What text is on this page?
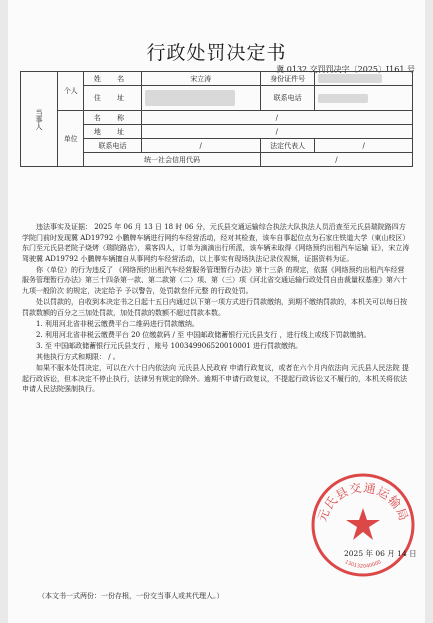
行政处罚决定书
冀 0132 交罚罚决字〔2025〕I161 号
当事人	个人	姓 名	宋立涛	身份证件号	
		住 址		联系电话	
	单位	名 称	/		
		地 址	/		
		联系电话	/	法定代表人	/
		统一社会信用代码		/	

违法事实及证据： 2025 年 06 月 13 日 18 时 06 分，元氏县交通运输综合执法大队执法人员沿查至元氏县瑞院路四方学院门前时发现冀 AD19792 小鹏牌车辆进行网约车经营活动，经对其检查，该车自事起位点为石家庄铁道大学（東山校区）东门至元氏县老院子烧烤（瑞院路店），乘客四人，订单为滴滴出行所派，该车辆未取得《网络预约出租汽车运输 证》，宋立涛驾驶冀 AD19792 小鹏牌车辆擅自从事网约车经营活动，以上事实有现场执法记录仪视频，证据资料为证。

你（单位）的行为违反了 《网络预约出租汽车经营服务管理暂行办法》第十三条 的规定，依据《网络预约出租汽车经营服务管理暂行办法》第三十四条第一款、第二款第（二）项、第（三）项《河北省交通运输行政处罚自由裁量权基准》第六十九项一般阶次 的规定，决定给予 予以警告，处罚款叁仟元整 的行政处罚。

处以罚款的，自收到本决定书之日起十五日内通过以下第一项方式进行罚款缴纳，到期不缴纳罚款的，本机关可以每日按罚款数额的百分之三加处罚款，加处罚款的数额不超过罚款本数。

1. 利用河北省非税云缴费平台二维码进行罚款缴纳。

2. 利用河北省非税云缴费平台 20 位缴款码 / 至 中国邮政储蓄银行元氏县支行 ，进行线上或线下罚款缴纳。

3. 至 中国邮政储蓄银行元氏县支行 ，账号 100349906520010001 进行罚款缴纳。

其他执行方式和期限： / 。

如果不服本处罚决定，可以在六十日内依法向 元氏县人民政府 申请行政复议，或者在六个月内依法向 元氏县人民法院 提起行政诉讼，但本决定不停止执行，法律另有规定的除外。逾期不申请行政复议，不提起行政诉讼又不履行的，本机关将依法申请人民法院强制执行。

元氏县交通运输局
130132040000
2025 年 06 月 14 日
（本文书一式两份：一份存根，一份交当事人或其代理人。）
